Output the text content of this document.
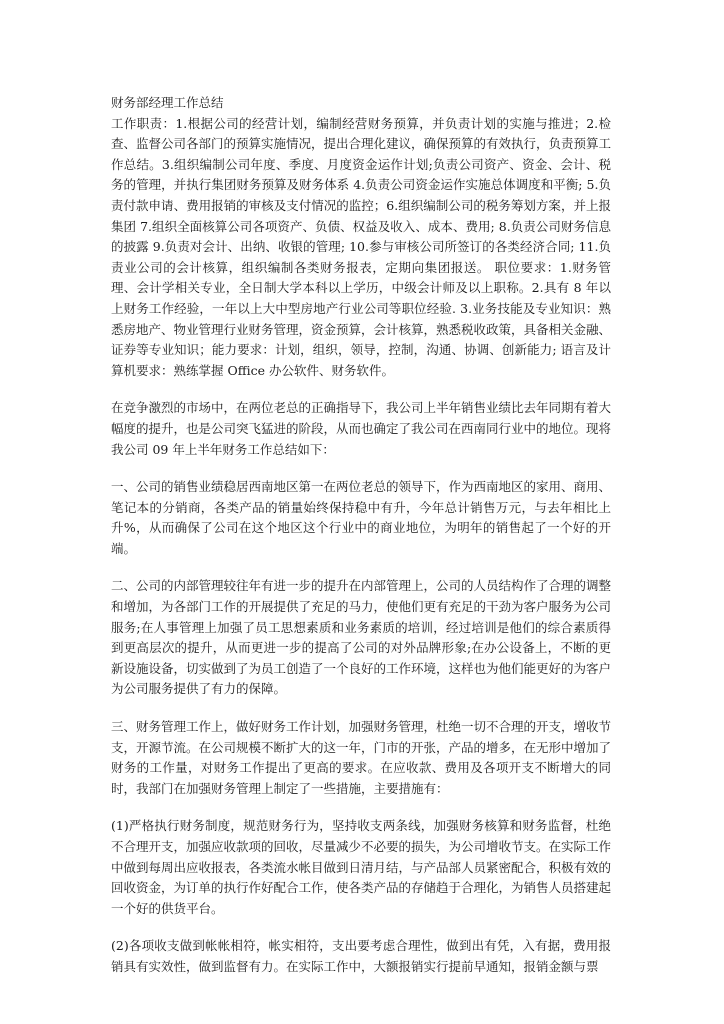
财务部经理工作总结

工作职责：1.根据公司的经营计划，编制经营财务预算，并负责计划的实施与推进；2.检查、监督公司各部门的预算实施情况，提出合理化建议，确保预算的有效执行，负责预算工作总结。3.组织编制公司年度、季度、月度资金运作计划;负责公司资产、资金、会计、税务的管理，并执行集团财务预算及财务体系 4.负责公司资金运作实施总体调度和平衡; 5.负责付款申请、费用报销的审核及支付情况的监控；6.组织编制公司的税务筹划方案，并上报集团 7.组织全面核算公司各项资产、负债、权益及收入、成本、费用; 8.负责公司财务信息的披露 9.负责对会计、出纳、收银的管理; 10.参与审核公司所签订的各类经济合同; 11.负责业公司的会计核算，组织编制各类财务报表，定期向集团报送。 职位要求：1.财务管理、会计学相关专业，全日制大学本科以上学历，中级会计师及以上职称。2.具有 8 年以上财务工作经验，一年以上大中型房地产行业公司等职位经验. 3.业务技能及专业知识：熟悉房地产、物业管理行业财务管理，资金预算，会计核算，熟悉税收政策，具备相关金融、证券等专业知识；能力要求：计划，组织，领导，控制，沟通、协调、创新能力; 语言及计算机要求：熟练掌握 Office 办公软件、财务软件。

在竞争激烈的市场中，在两位老总的正确指导下，我公司上半年销售业绩比去年同期有着大幅度的提升，也是公司突飞猛进的阶段，从而也确定了我公司在西南同行业中的地位。现将我公司 09 年上半年财务工作总结如下：

一、公司的销售业绩稳居西南地区第一在两位老总的领导下，作为西南地区的家用、商用、笔记本的分销商，各类产品的销量始终保持稳中有升，今年总计销售万元，与去年相比上升%，从而确保了公司在这个地区这个行业中的商业地位，为明年的销售起了一个好的开端。

二、公司的内部管理较往年有进一步的提升在内部管理上，公司的人员结构作了合理的调整和增加，为各部门工作的开展提供了充足的马力，使他们更有充足的干劲为客户服务为公司服务;在人事管理上加强了员工思想素质和业务素质的培训，经过培训是他们的综合素质得到更高层次的提升，从而更进一步的提高了公司的对外品牌形象;在办公设备上，不断的更新设施设备，切实做到了为员工创造了一个良好的工作环境，这样也为他们能更好的为客户为公司服务提供了有力的保障。

三、财务管理工作上，做好财务工作计划，加强财务管理，杜绝一切不合理的开支，增收节支，开源节流。在公司规模不断扩大的这一年，门市的开张，产品的增多，在无形中增加了财务的工作量，对财务工作提出了更高的要求。在应收款、费用及各项开支不断增大的同时，我部门在加强财务管理上制定了一些措施，主要措施有：

(1)严格执行财务制度，规范财务行为，坚持收支两条线，加强财务核算和财务监督，杜绝不合理开支，加强应收款项的回收，尽量减少不必要的损失，为公司增收节支。在实际工作中做到每周出应收报表，各类流水帐目做到日清月结，与产品部人员紧密配合，积极有效的回收资金，为订单的执行作好配合工作，使各类产品的存储趋于合理化，为销售人员搭建起一个好的供货平台。

(2)各项收支做到帐帐相符，帐实相符，支出要考虑合理性，做到出有凭，入有据，费用报销具有实效性，做到监督有力。在实际工作中，大额报销实行提前早通知，报销金额与票
